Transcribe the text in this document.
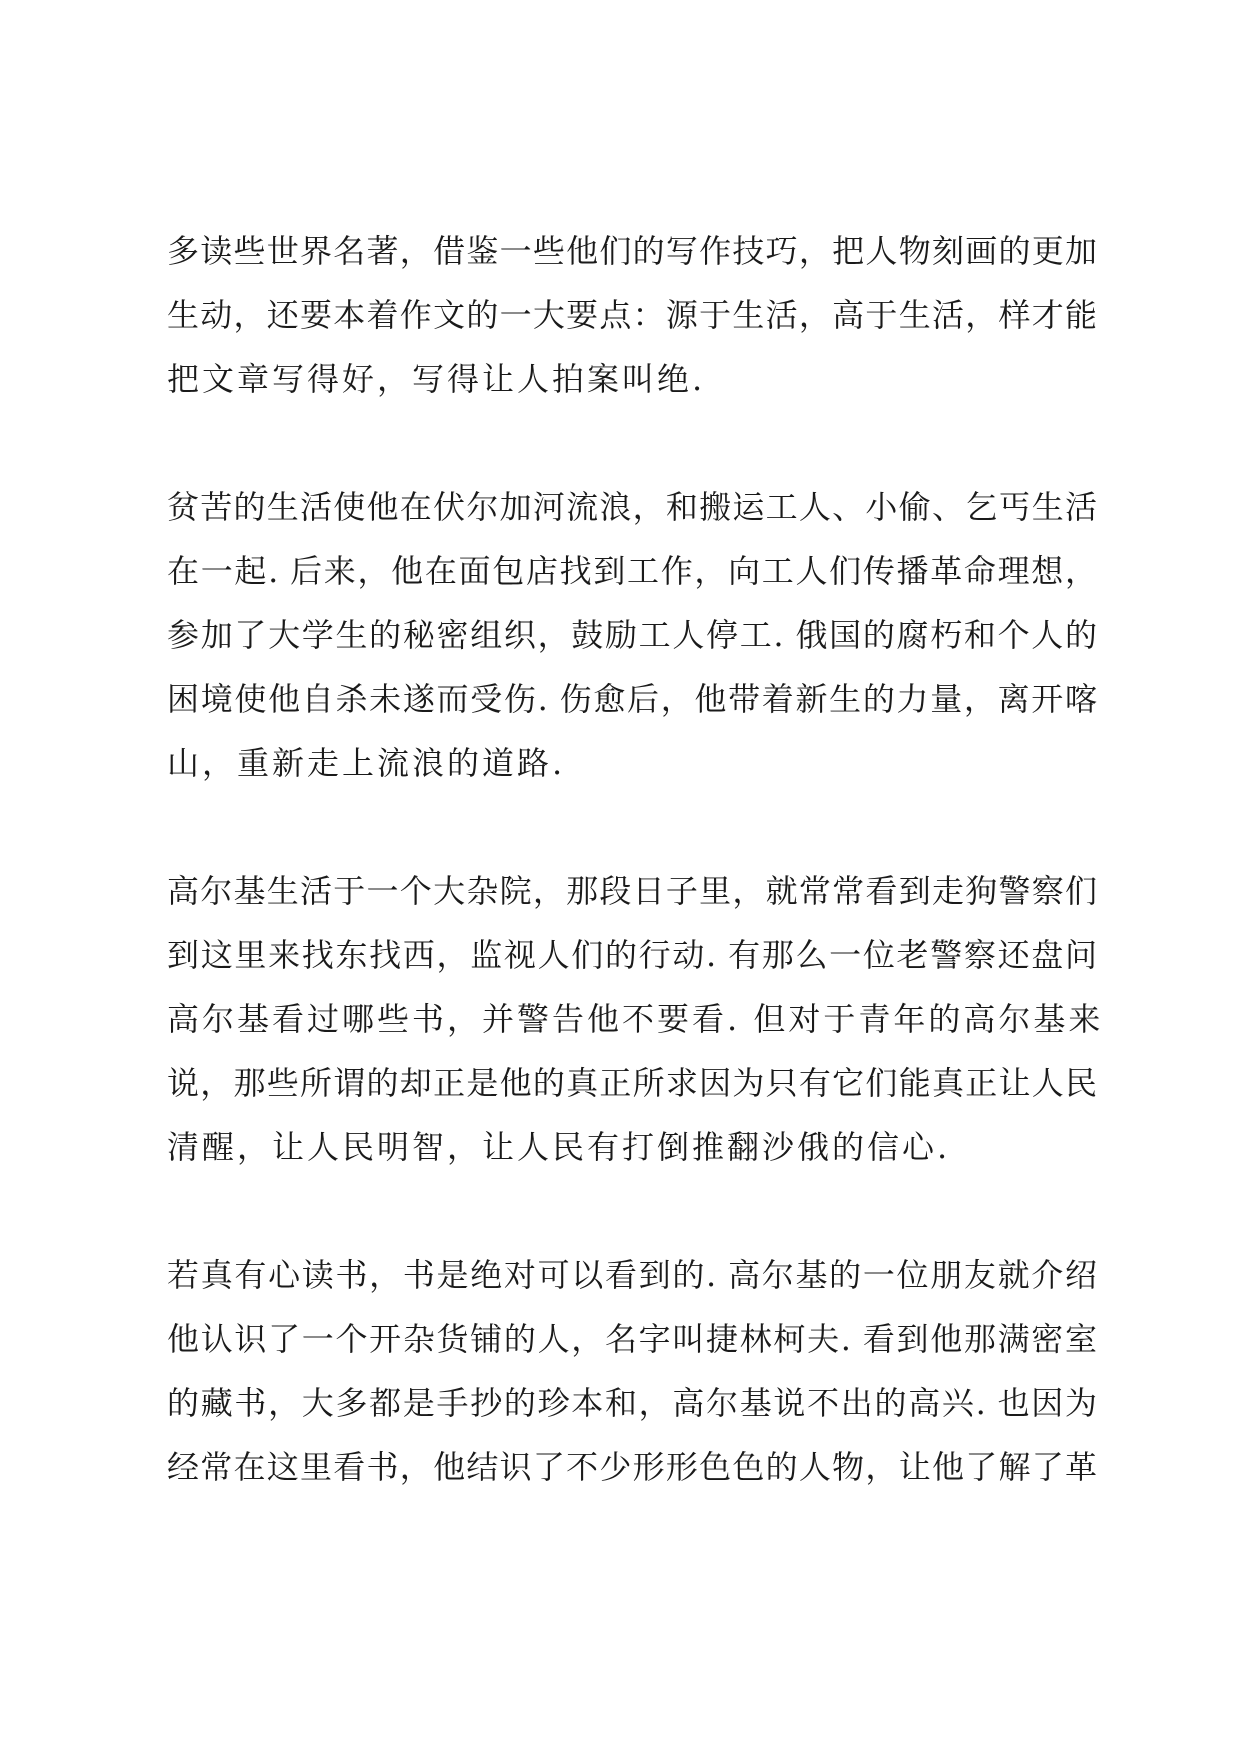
多读些世界名著，借鉴一些他们的写作技巧，把人物刻画的更加
生动，还要本着作文的一大要点：源于生活，高于生活，样才能
把文章写得好，写得让人拍案叫绝.
贫苦的生活使他在伏尔加河流浪，和搬运工人、小偷、乞丐生活
在一起. 后来，他在面包店找到工作，向工人们传播革命理想，
参加了大学生的秘密组织，鼓励工人停工. 俄国的腐朽和个人的
困境使他自杀未遂而受伤. 伤愈后，他带着新生的力量，离开喀
山，重新走上流浪的道路.
高尔基生活于一个大杂院，那段日子里，就常常看到走狗警察们
到这里来找东找西，监视人们的行动. 有那么一位老警察还盘问
高尔基看过哪些书，并警告他不要看. 但对于青年的高尔基来
说，那些所谓的却正是他的真正所求因为只有它们能真正让人民
清醒，让人民明智，让人民有打倒推翻沙俄的信心.
若真有心读书，书是绝对可以看到的. 高尔基的一位朋友就介绍
他认识了一个开杂货铺的人，名字叫捷林柯夫. 看到他那满密室
的藏书，大多都是手抄的珍本和，高尔基说不出的高兴. 也因为
经常在这里看书，他结识了不少形形色色的人物，让他了解了革
